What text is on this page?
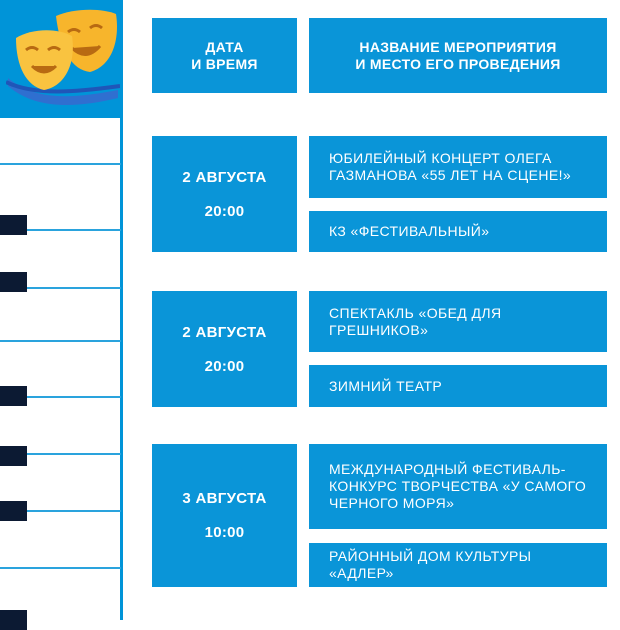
ДАТА
И ВРЕМЯ
НАЗВАНИЕ МЕРОПРИЯТИЯ
И МЕСТО ЕГО ПРОВЕДЕНИЯ
2 АВГУСТА
20:00
ЮБИЛЕЙНЫЙ КОНЦЕРТ ОЛЕГА ГАЗМАНОВА «55 ЛЕТ НА СЦЕНЕ!»
КЗ «ФЕСТИВАЛЬНЫЙ»
2 АВГУСТА
20:00
СПЕКТАКЛЬ «ОБЕД ДЛЯ ГРЕШНИКОВ»
ЗИМНИЙ ТЕАТР
3 АВГУСТА
10:00
МЕЖДУНАРОДНЫЙ ФЕСТИВАЛЬ-КОНКУРС ТВОРЧЕСТВА «У САМОГО ЧЕРНОГО МОРЯ»
РАЙОННЫЙ ДОМ КУЛЬТУРЫ «АДЛЕР»
